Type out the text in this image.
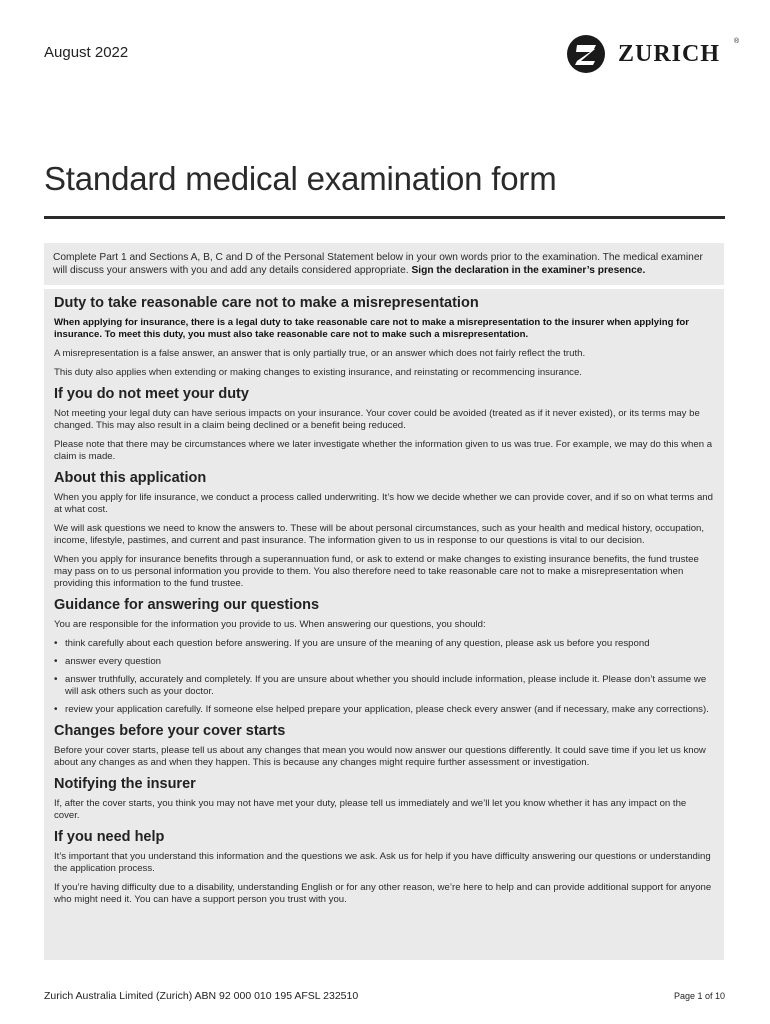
August 2022	ZURICH ®
Standard medical examination form
Complete Part 1 and Sections A, B, C and D of the Personal Statement below in your own words prior to the examination. The medical examiner will discuss your answers with you and add any details considered appropriate. Sign the declaration in the examiner’s presence.
Duty to take reasonable care not to make a misrepresentation

When applying for insurance, there is a legal duty to take reasonable care not to make a misrepresentation to the insurer when applying for insurance. To meet this duty, you must also take reasonable care not to make such a misrepresentation.

A misrepresentation is a false answer, an answer that is only partially true, or an answer which does not fairly reflect the truth.

This duty also applies when extending or making changes to existing insurance, and reinstating or recommencing insurance.

If you do not meet your duty

Not meeting your legal duty can have serious impacts on your insurance. Your cover could be avoided (treated as if it never existed), or its terms may be changed. This may also result in a claim being declined or a benefit being reduced.

Please note that there may be circumstances where we later investigate whether the information given to us was true. For example, we may do this when a claim is made.

About this application

When you apply for life insurance, we conduct a process called underwriting. It’s how we decide whether we can provide cover, and if so on what terms and at what cost.

We will ask questions we need to know the answers to. These will be about personal circumstances, such as your health and medical history, occupation, income, lifestyle, pastimes, and current and past insurance. The information given to us in response to our questions is vital to our decision.

When you apply for insurance benefits through a superannuation fund, or ask to extend or make changes to existing insurance benefits, the fund trustee may pass on to us personal information you provide to them. You also therefore need to take reasonable care not to make a misrepresentation when providing this information to the fund trustee.

Guidance for answering our questions

You are responsible for the information you provide to us. When answering our questions, you should:

• think carefully about each question before answering. If you are unsure of the meaning of any question, please ask us before you respond
• answer every question
• answer truthfully, accurately and completely. If you are unsure about whether you should include information, please include it. Please don’t assume we will ask others such as your doctor.
• review your application carefully. If someone else helped prepare your application, please check every answer (and if necessary, make any corrections).
Changes before your cover starts

Before your cover starts, please tell us about any changes that mean you would now answer our questions differently. It could save time if you let us know about any changes as and when they happen. This is because any changes might require further assessment or investigation.

Notifying the insurer

If, after the cover starts, you think you may not have met your duty, please tell us immediately and we’ll let you know whether it has any impact on the cover.

If you need help

It’s important that you understand this information and the questions we ask. Ask us for help if you have difficulty answering our questions or understanding the application process.

If you’re having difficulty due to a disability, understanding English or for any other reason, we’re here to help and can provide additional support for anyone who might need it. You can have a support person you trust with you.

Zurich Australia Limited (Zurich) ABN 92 000 010 195 AFSL 232510	Page 1 of 10
